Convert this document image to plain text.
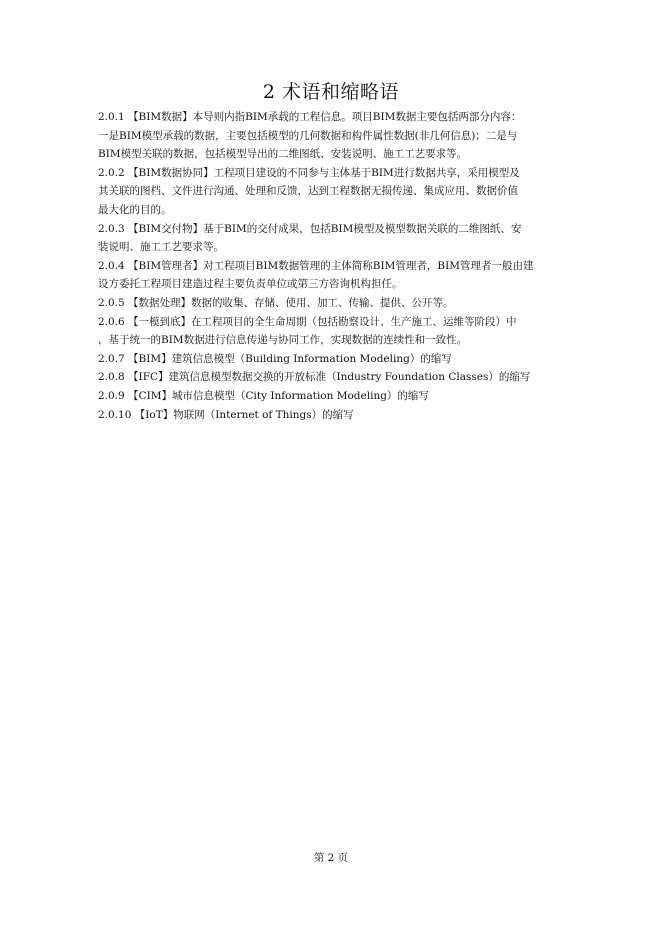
2 术语和缩略语

2.0.1 【BIM数据】本导则内指BIM承载的工程信息。项目BIM数据主要包括两部分内容：
一是BIM模型承载的数据，主要包括模型的几何数据和构件属性数据(非几何信息)；二是与
BIM模型关联的数据，包括模型导出的二维图纸、安装说明、施工工艺要求等。

2.0.2 【BIM数据协同】工程项目建设的不同参与主体基于BIM进行数据共享，采用模型及
其关联的图档、文件进行沟通、处理和反馈，达到工程数据无损传递、集成应用、数据价值
最大化的目的。

2.0.3 【BIM交付物】基于BIM的交付成果，包括BIM模型及模型数据关联的二维图纸、安
装说明、施工工艺要求等。

2.0.4 【BIM管理者】对工程项目BIM数据管理的主体简称BIM管理者，BIM管理者一般由建
设方委托工程项目建造过程主要负责单位或第三方咨询机构担任。

2.0.5 【数据处理】数据的收集、存储、使用、加工、传输、提供、公开等。

2.0.6 【一模到底】在工程项目的全生命周期（包括勘察设计、生产施工、运维等阶段）中
，基于统一的BIM数据进行信息传递与协同工作，实现数据的连续性和一致性。

2.0.7 【BIM】建筑信息模型（Building Information Modeling）的缩写

2.0.8 【IFC】建筑信息模型数据交换的开放标准（Industry Foundation Classes）的缩写

2.0.9 【CIM】城市信息模型（City Information Modeling）的缩写

2.0.10 【IoT】物联网（Internet of Things）的缩写

第 2 页
